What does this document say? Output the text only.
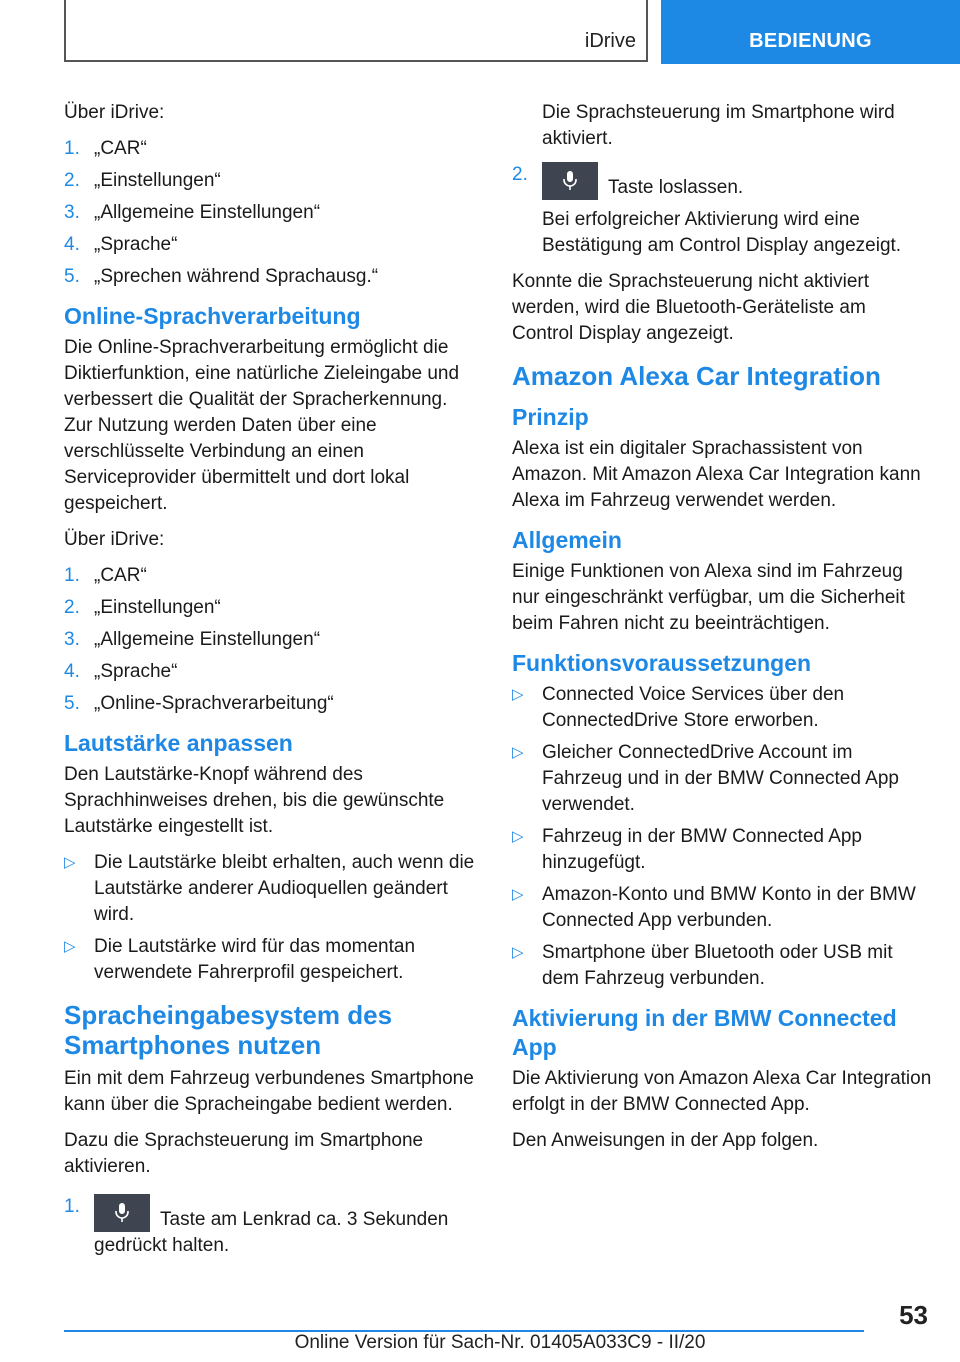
iDrive	BEDIENUNG

Über iDrive:

1. „CAR“
2. „Einstellungen“
3. „Allgemeine Einstellungen“
4. „Sprache“
5. „Sprechen während Sprachausg.“
Online-Sprachverarbeitung

Die Online-Sprachverarbeitung ermöglicht die Diktierfunktion, eine natürliche Zieleingabe und verbessert die Qualität der Spracherkennung. Zur Nutzung werden Daten über eine verschlüsselte Verbindung an einen Serviceprovider übermittelt und dort lokal gespeichert.

Über iDrive:

1. „CAR“
2. „Einstellungen“
3. „Allgemeine Einstellungen“
4. „Sprache“
5. „Online-Sprachverarbeitung“
Lautstärke anpassen

Den Lautstärke-Knopf während des Sprachhinweises drehen, bis die gewünschte Lautstärke eingestellt ist.

▷ Die Lautstärke bleibt erhalten, auch wenn die Lautstärke anderer Audioquellen geändert wird.
▷ Die Lautstärke wird für das momentan verwendete Fahrerprofil gespeichert.
Spracheingabesystem des Smartphones nutzen

Ein mit dem Fahrzeug verbundenes Smartphone kann über die Spracheingabe bedient werden.

Dazu die Sprachsteuerung im Smartphone aktivieren.

1.
Taste am Lenkrad ca. 3 Sekunden gedrückt halten.

Die Sprachsteuerung im Smartphone wird aktiviert.

2.
Taste loslassen.

Bei erfolgreicher Aktivierung wird eine Bestätigung am Control Display angezeigt.

Konnte die Sprachsteuerung nicht aktiviert werden, wird die Bluetooth-Geräteliste am Control Display angezeigt.

Amazon Alexa Car Integration
Prinzip

Alexa ist ein digitaler Sprachassistent von Amazon. Mit Amazon Alexa Car Integration kann Alexa im Fahrzeug verwendet werden.

Allgemein

Einige Funktionen von Alexa sind im Fahrzeug nur eingeschränkt verfügbar, um die Sicherheit beim Fahren nicht zu beeinträchtigen.

Funktionsvoraussetzungen
▷ Connected Voice Services über den ConnectedDrive Store erworben.
▷ Gleicher ConnectedDrive Account im Fahrzeug und in der BMW Connected App verwendet.
▷ Fahrzeug in der BMW Connected App hinzugefügt.
▷ Amazon-Konto und BMW Konto in der BMW Connected App verbunden.
▷ Smartphone über Bluetooth oder USB mit dem Fahrzeug verbunden.
Aktivierung in der BMW Connected App

Die Aktivierung von Amazon Alexa Car Integration erfolgt in der BMW Connected App.

Den Anweisungen in der App folgen.

53
Online Version für Sach-Nr. 01405A033C9 - II/20
